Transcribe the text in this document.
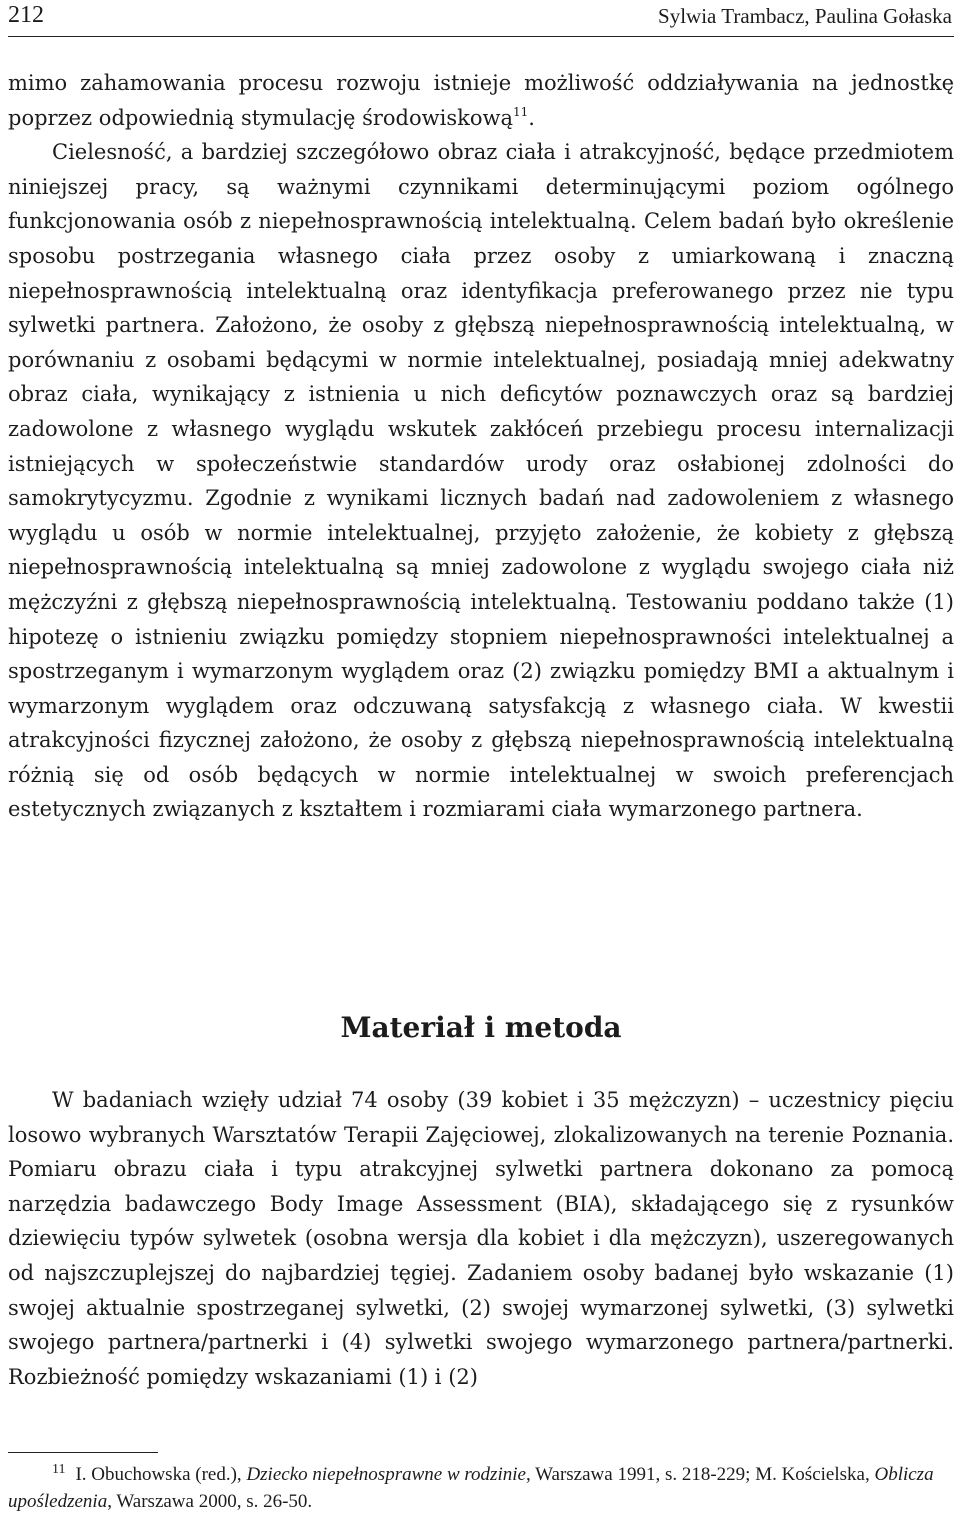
212	Sylwia Trambacz, Paulina Gołaska

mimo zahamowania procesu rozwoju istnieje możliwość oddziaływania na jednostkę poprzez odpowiednią stymulację środowiskową$^{11}$.

Cielesność, a bardziej szczegółowo obraz ciała i atrakcyjność, będące przedmiotem niniejszej pracy, są ważnymi czynnikami determinującymi poziom ogólnego funkcjonowania osób z niepełnosprawnością intelektualną. Celem badań było określenie sposobu postrzegania własnego ciała przez osoby z umiarkowaną i znaczną niepełnosprawnością intelektualną oraz identyfikacja preferowanego przez nie typu sylwetki partnera. Założono, że osoby z głębszą niepełnosprawnością intelektualną, w porównaniu z osobami będącymi w normie intelektualnej, posiadają mniej adekwatny obraz ciała, wynikający z istnienia u nich deficytów poznawczych oraz są bardziej zadowolone z własnego wyglądu wskutek zakłóceń przebiegu procesu internalizacji istniejących w społeczeństwie standardów urody oraz osłabionej zdolności do samokrytycyzmu. Zgodnie z wynikami licznych badań nad zadowoleniem z własnego wyglądu u osób w normie intelektualnej, przyjęto założenie, że kobiety z głębszą niepełnosprawnością intelektualną są mniej zadowolone z wyglądu swojego ciała niż mężczyźni z głębszą niepełnosprawnością intelektualną. Testowaniu poddano także (1) hipotezę o istnieniu związku pomiędzy stopniem niepełnosprawności intelektualnej a spostrzeganym i wymarzonym wyglądem oraz (2) związku pomiędzy BMI a aktualnym i wymarzonym wyglądem oraz odczuwaną satysfakcją z własnego ciała. W kwestii atrakcyjności fizycznej założono, że osoby z głębszą niepełnosprawnością intelektualną różnią się od osób będących w normie intelektualnej w swoich preferencjach estetycznych związanych z kształtem i rozmiarami ciała wymarzonego partnera.

Materiał i metoda

W badaniach wzięły udział 74 osoby (39 kobiet i 35 mężczyzn) – uczestnicy pięciu losowo wybranych Warsztatów Terapii Zajęciowej, zlokalizowanych na terenie Poznania. Pomiaru obrazu ciała i typu atrakcyjnej sylwetki partnera dokonano za pomocą narzędzia badawczego Body Image Assessment (BIA), składającego się z rysunków dziewięciu typów sylwetek (osobna wersja dla kobiet i dla mężczyzn), uszeregowanych od najszczuplejszej do najbardziej tęgiej. Zadaniem osoby badanej było wskazanie (1) swojej aktualnie spostrzeganej sylwetki, (2) swojej wymarzonej sylwetki, (3) sylwetki swojego partnera/partnerki i (4) sylwetki swojego wymarzonego partnera/partnerki. Rozbieżność pomiędzy wskazaniami (1) i (2)

$^{11}$ I. Obuchowska (red.), Dziecko niepełnosprawne w rodzinie, Warszawa 1991, s. 218-229; M. Kościelska, Oblicza upośledzenia, Warszawa 2000, s. 26-50.
